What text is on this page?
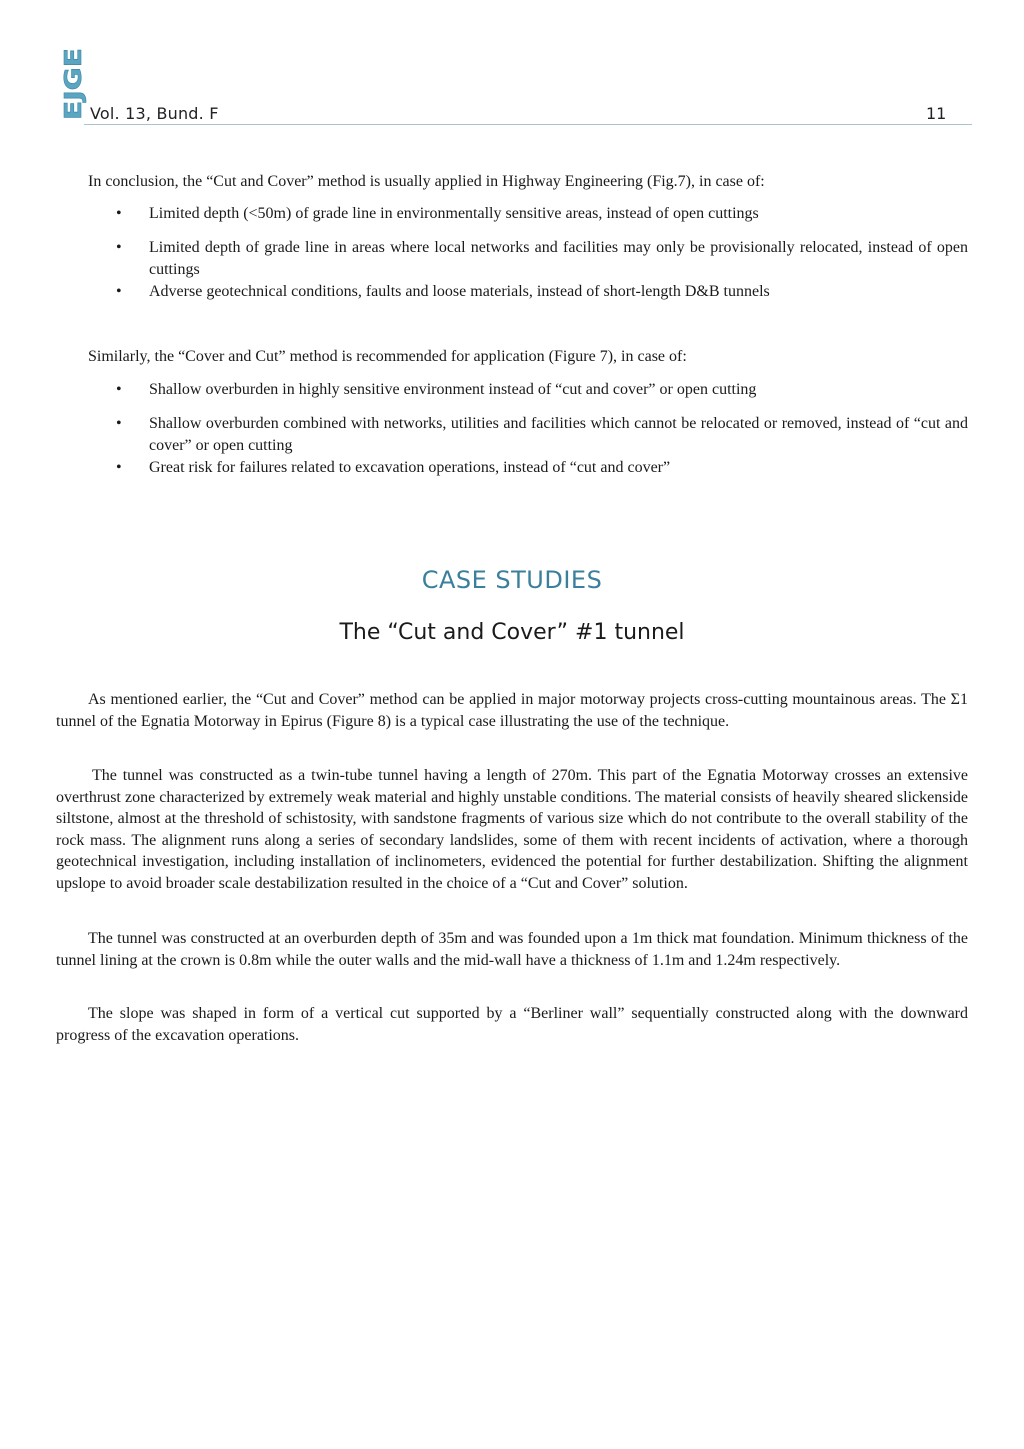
EJGE Vol. 13, Bund. F	11

In conclusion, the “Cut and Cover” method is usually applied in Highway Engineering (Fig.7), in case of:

•	Limited depth (<50m) of grade line in environmentally sensitive areas, instead of open cuttings
•	Limited depth of grade line in areas where local networks and facilities may only be provisionally relocated, instead of open cuttings
•	Adverse geotechnical conditions, faults and loose materials, instead of short-length D&B tunnels

Similarly, the “Cover and Cut” method is recommended for application (Figure 7), in case of:

•	Shallow overburden in highly sensitive environment instead of “cut and cover” or open cutting
•	Shallow overburden combined with networks, utilities and facilities which cannot be relocated or removed, instead of “cut and cover” or open cutting
•	Great risk for failures related to excavation operations, instead of “cut and cover”
CASE STUDIES
The “Cut and Cover” #1 tunnel

As mentioned earlier, the “Cut and Cover” method can be applied in major motorway projects cross-cutting mountainous areas. The Σ1 tunnel of the Egnatia Motorway in Epirus (Figure 8) is a typical case illustrating the use of the technique.

The tunnel was constructed as a twin-tube tunnel having a length of 270m. This part of the Egnatia Motorway crosses an extensive overthrust zone characterized by extremely weak material and highly unstable conditions. The material consists of heavily sheared slickenside siltstone, almost at the threshold of schistosity, with sandstone fragments of various size which do not contribute to the overall stability of the rock mass. The alignment runs along a series of secondary landslides, some of them with recent incidents of activation, where a thorough geotechnical investigation, including installation of inclinometers, evidenced the potential for further destabilization. Shifting the alignment upslope to avoid broader scale destabilization resulted in the choice of a “Cut and Cover” solution.

The tunnel was constructed at an overburden depth of 35m and was founded upon a 1m thick mat foundation. Minimum thickness of the tunnel lining at the crown is 0.8m while the outer walls and the mid-wall have a thickness of 1.1m and 1.24m respectively.

The slope was shaped in form of a vertical cut supported by a “Berliner wall” sequentially constructed along with the downward progress of the excavation operations.
